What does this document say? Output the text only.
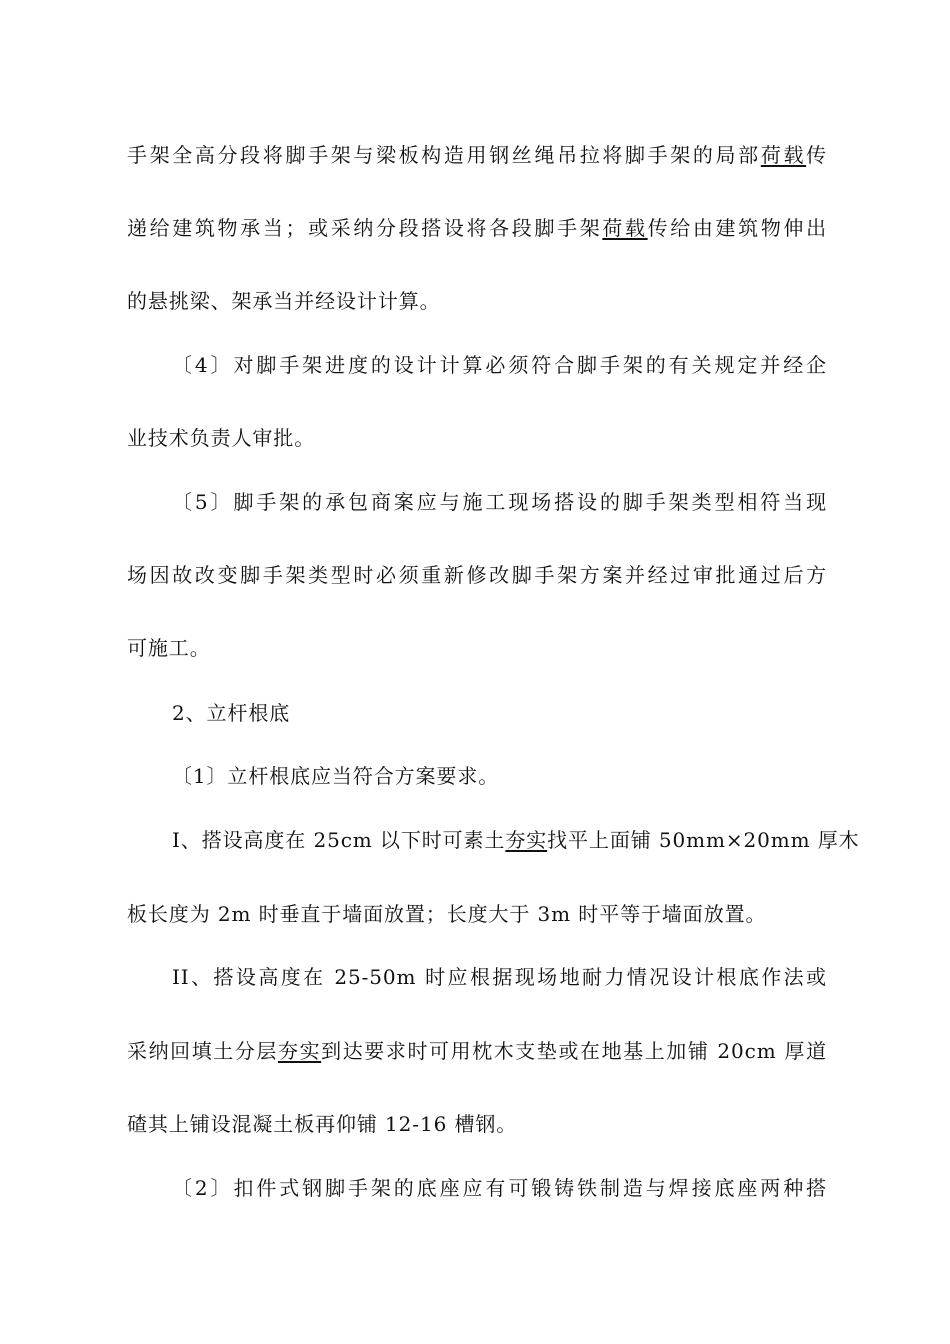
手架全高分段将脚手架与梁板构造用钢丝绳吊拉将脚手架的局部荷载传
递给建筑物承当；或采纳分段搭设将各段脚手架荷载传给由建筑物伸出
的悬挑梁、架承当并经设计计算。
〔4〕对脚手架进度的设计计算必须符合脚手架的有关规定并经企
业技术负责人审批。
〔5〕脚手架的承包商案应与施工现场搭设的脚手架类型相符当现
场因故改变脚手架类型时必须重新修改脚手架方案并经过审批通过后方
可施工。
2、立杆根底
〔1〕立杆根底应当符合方案要求。
I、搭设高度在 25cm 以下时可素土夯实找平上面铺 50mm×20mm 厚木
板长度为 2m 时垂直于墙面放置；长度大于 3m 时平等于墙面放置。
II、搭设高度在 25-50m 时应根据现场地耐力情况设计根底作法或
采纳回填土分层夯实到达要求时可用枕木支垫或在地基上加铺 20cm 厚道
碴其上铺设混凝土板再仰铺 12-16 槽钢。
〔2〕扣件式钢脚手架的底座应有可锻铸铁制造与焊接底座两种搭
